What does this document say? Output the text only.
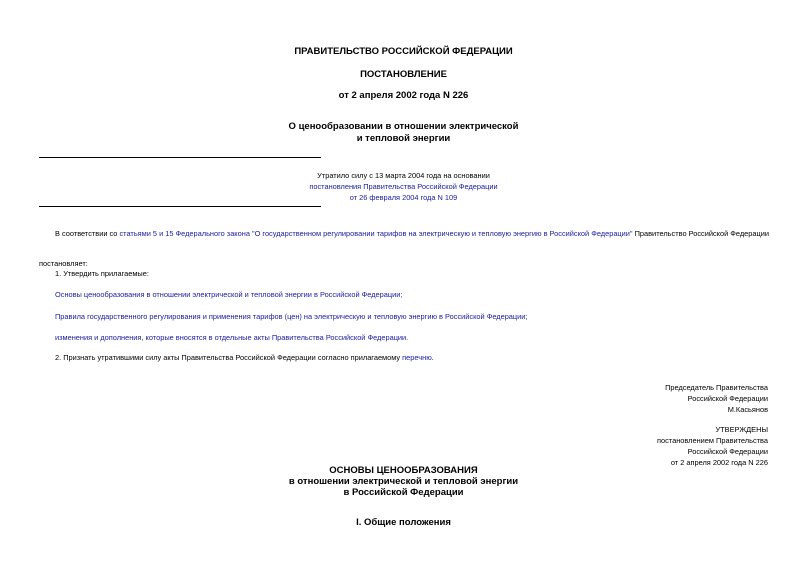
ПРАВИТЕЛЬСТВО РОССИЙСКОЙ ФЕДЕРАЦИИ
ПОСТАНОВЛЕНИЕ
от 2 апреля 2002 года N 226
О ценообразовании в отношении электрической
и тепловой энергии
Утратило силу с 13 марта 2004 года на основании
постановления Правительства Российской Федерации
от 26 февраля 2004 года N 109
В соответствии со статьями 5 и 15 Федерального закона "О государственном регулировании тарифов на электрическую и тепловую энергию в Российской Федерации" Правительство Российской Федерации
постановляет:
1. Утвердить прилагаемые:
Основы ценообразования в отношении электрической и тепловой энергии в Российской Федерации;
Правила государственного регулирования и применения тарифов (цен) на электрическую и тепловую энергию в Российской Федерации;
изменения и дополнения, которые вносятся в отдельные акты Правительства Российской Федерации.
2. Признать утратившими силу акты Правительства Российской Федерации согласно прилагаемому перечню.
Председатель Правительства
Российской Федерации
М.Касьянов
УТВЕРЖДЕНЫ
постановлением Правительства
Российской Федерации
от 2 апреля 2002 года N 226
ОСНОВЫ ЦЕНООБРАЗОВАНИЯ
в отношении электрической и тепловой энергии
в Российской Федерации
I. Общие положения
